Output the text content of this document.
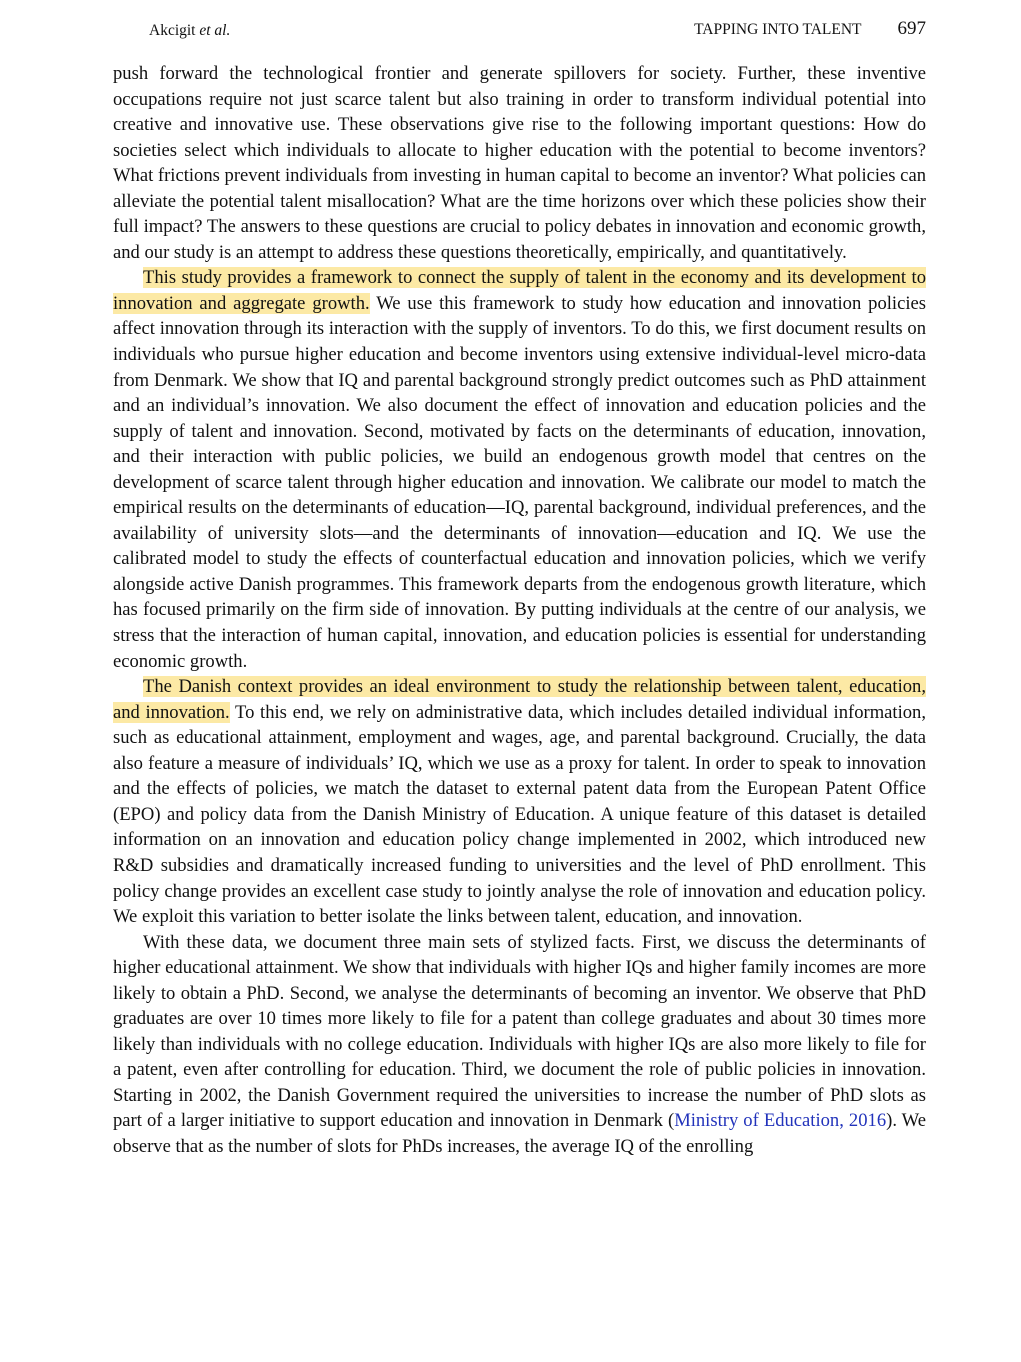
Akcigit et al.	TAPPING INTO TALENT 697

push forward the technological frontier and generate spillovers for society. Further, these inventive occupations require not just scarce talent but also training in order to transform individual potential into creative and innovative use. These observations give rise to the following important questions: How do societies select which individuals to allocate to higher education with the potential to become inventors? What frictions prevent individuals from investing in human capital to become an inventor? What policies can alleviate the potential talent misallocation? What are the time horizons over which these policies show their full impact? The answers to these questions are crucial to policy debates in innovation and economic growth, and our study is an attempt to address these questions theoretically, empirically, and quantitatively.

This study provides a framework to connect the supply of talent in the economy and its development to innovation and aggregate growth. We use this framework to study how education and innovation policies affect innovation through its interaction with the supply of inventors. To do this, we first document results on individuals who pursue higher education and become inventors using extensive individual-level micro-data from Denmark. We show that IQ and parental background strongly predict outcomes such as PhD attainment and an individual’s innovation. We also document the effect of innovation and education policies and the supply of talent and innovation. Second, motivated by facts on the determinants of education, innovation, and their interaction with public policies, we build an endogenous growth model that centres on the development of scarce talent through higher education and innovation. We calibrate our model to match the empirical results on the determinants of education—IQ, parental background, individual preferences, and the availability of university slots—and the determinants of innovation—education and IQ. We use the calibrated model to study the effects of counterfactual education and innovation policies, which we verify alongside active Danish programmes. This framework departs from the endogenous growth literature, which has focused primarily on the firm side of innovation. By putting individuals at the centre of our analysis, we stress that the interaction of human capital, innovation, and education policies is essential for understanding economic growth.

The Danish context provides an ideal environment to study the relationship between talent, education, and innovation. To this end, we rely on administrative data, which includes detailed individual information, such as educational attainment, employment and wages, age, and parental background. Crucially, the data also feature a measure of individuals’ IQ, which we use as a proxy for talent. In order to speak to innovation and the effects of policies, we match the dataset to external patent data from the European Patent Office (EPO) and policy data from the Danish Ministry of Education. A unique feature of this dataset is detailed information on an innovation and education policy change implemented in 2002, which introduced new R&D subsidies and dramatically increased funding to universities and the level of PhD enrollment. This policy change provides an excellent case study to jointly analyse the role of innovation and education policy. We exploit this variation to better isolate the links between talent, education, and innovation.

With these data, we document three main sets of stylized facts. First, we discuss the determinants of higher educational attainment. We show that individuals with higher IQs and higher family incomes are more likely to obtain a PhD. Second, we analyse the determinants of becoming an inventor. We observe that PhD graduates are over 10 times more likely to file for a patent than college graduates and about 30 times more likely than individuals with no college education. Individuals with higher IQs are also more likely to file for a patent, even after controlling for education. Third, we document the role of public policies in innovation. Starting in 2002, the Danish Government required the universities to increase the number of PhD slots as part of a larger initiative to support education and innovation in Denmark (Ministry of Education, 2016). We observe that as the number of slots for PhDs increases, the average IQ of the enrolling
